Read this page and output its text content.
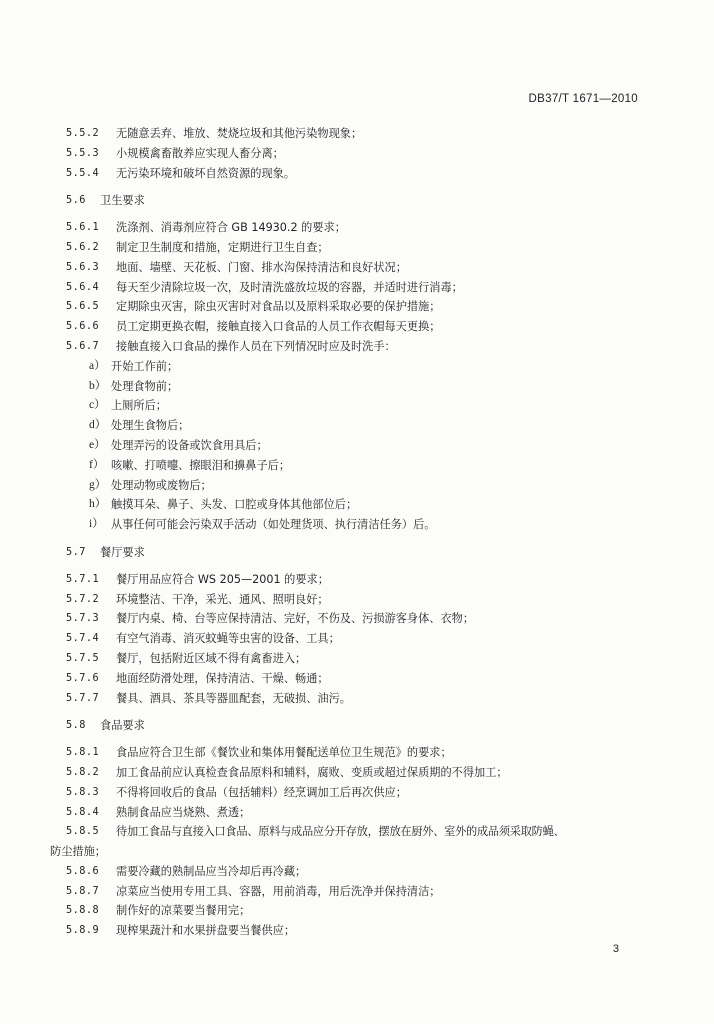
DB37/T 1671—2010
5.5.2	无随意丢弃、堆放、焚烧垃圾和其他污染物现象；
5.5.3	小规模禽畜散养应实现人畜分离；
5.5.4	无污染环境和破坏自然资源的现象。
5.6	卫生要求
5.6.1	洗涤剂、消毒剂应符合 GB 14930.2 的要求；
5.6.2	制定卫生制度和措施，定期进行卫生自查；
5.6.3	地面、墙壁、天花板、门窗、排水沟保持清洁和良好状况；
5.6.4	每天至少清除垃圾一次，及时清洗盛放垃圾的容器，并适时进行消毒；
5.6.5	定期除虫灭害，除虫灭害时对食品以及原料采取必要的保护措施；
5.6.6	员工定期更换衣帽，接触直接入口食品的人员工作衣帽每天更换；
5.6.7	接触直接入口食品的操作人员在下列情况时应及时洗手：
a） 开始工作前；
b） 处理食物前；
c） 上厕所后；
d） 处理生食物后；
e） 处理弄污的设备或饮食用具后；
f） 咳嗽、打喷嚏、擦眼泪和擤鼻子后；
g） 处理动物或废物后；
h） 触摸耳朵、鼻子、头发、口腔或身体其他部位后；
i） 从事任何可能会污染双手活动（如处理货项、执行清洁任务）后。
5.7	餐厅要求
5.7.1	餐厅用品应符合 WS 205—2001 的要求；
5.7.2	环境整洁、干净，采光、通风、照明良好；
5.7.3	餐厅内桌、椅、台等应保持清洁、完好，不伤及、污损游客身体、衣物；
5.7.4	有空气消毒、消灭蚊蝇等虫害的设备、工具；
5.7.5	餐厅，包括附近区域不得有禽畜进入；
5.7.6	地面经防滑处理，保持清洁、干燥、畅通；
5.7.7	餐具、酒具、茶具等器皿配套，无破损、油污。
5.8	食品要求
5.8.1	食品应符合卫生部《餐饮业和集体用餐配送单位卫生规范》的要求；
5.8.2	加工食品前应认真检查食品原料和辅料，腐败、变质或超过保质期的不得加工；
5.8.3	不得将回收后的食品（包括辅料）经烹调加工后再次供应；
5.8.4	熟制食品应当烧熟、煮透；
5.8.5	待加工食品与直接入口食品、原料与成品应分开存放，摆放在厨外、室外的成品须采取防蝇、
防尘措施；
5.8.6	需要冷藏的熟制品应当冷却后再冷藏；
5.8.7	凉菜应当使用专用工具、容器，用前消毒，用后洗净并保持清洁；
5.8.8	制作好的凉菜要当餐用完；
5.8.9	现榨果蔬汁和水果拼盘要当餐供应；
3
